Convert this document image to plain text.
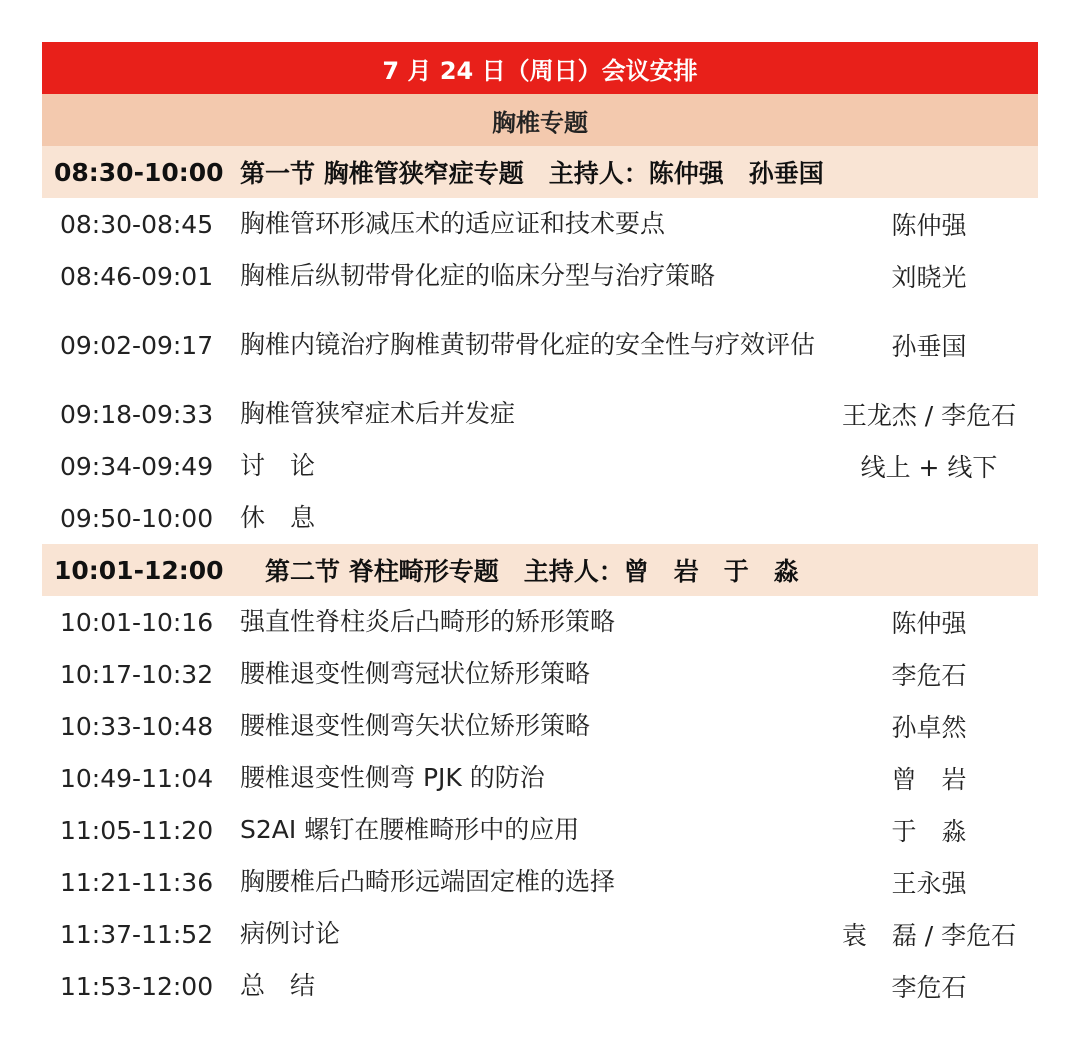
7 月 24 日（周日）会议安排
胸椎专题
08:30-10:00 第一节 胸椎管狭窄症专题　主持人：陈仲强　孙垂国
08:30-08:45	胸椎管环形减压术的适应证和技术要点	陈仲强
08:46-09:01	胸椎后纵韧带骨化症的临床分型与治疗策略	刘晓光
09:02-09:17	胸椎内镜治疗胸椎黄韧带骨化症的安全性与疗效评估	孙垂国
09:18-09:33	胸椎管狭窄症术后并发症	王龙杰 / 李危石
09:34-09:49	讨　论	线上 + 线下
09:50-10:00	休　息
10:01-12:00 　第二节 脊柱畸形专题　主持人：曾　岩　于　淼
10:01-10:16	强直性脊柱炎后凸畸形的矫形策略	陈仲强
10:17-10:32	腰椎退变性侧弯冠状位矫形策略	李危石
10:33-10:48	腰椎退变性侧弯矢状位矫形策略	孙卓然
10:49-11:04	腰椎退变性侧弯 PJK 的防治	曾　岩
11:05-11:20	S2AI 螺钉在腰椎畸形中的应用	于　淼
11:21-11:36	胸腰椎后凸畸形远端固定椎的选择	王永强
11:37-11:52	病例讨论	袁　磊 / 李危石
11:53-12:00	总　结	李危石
